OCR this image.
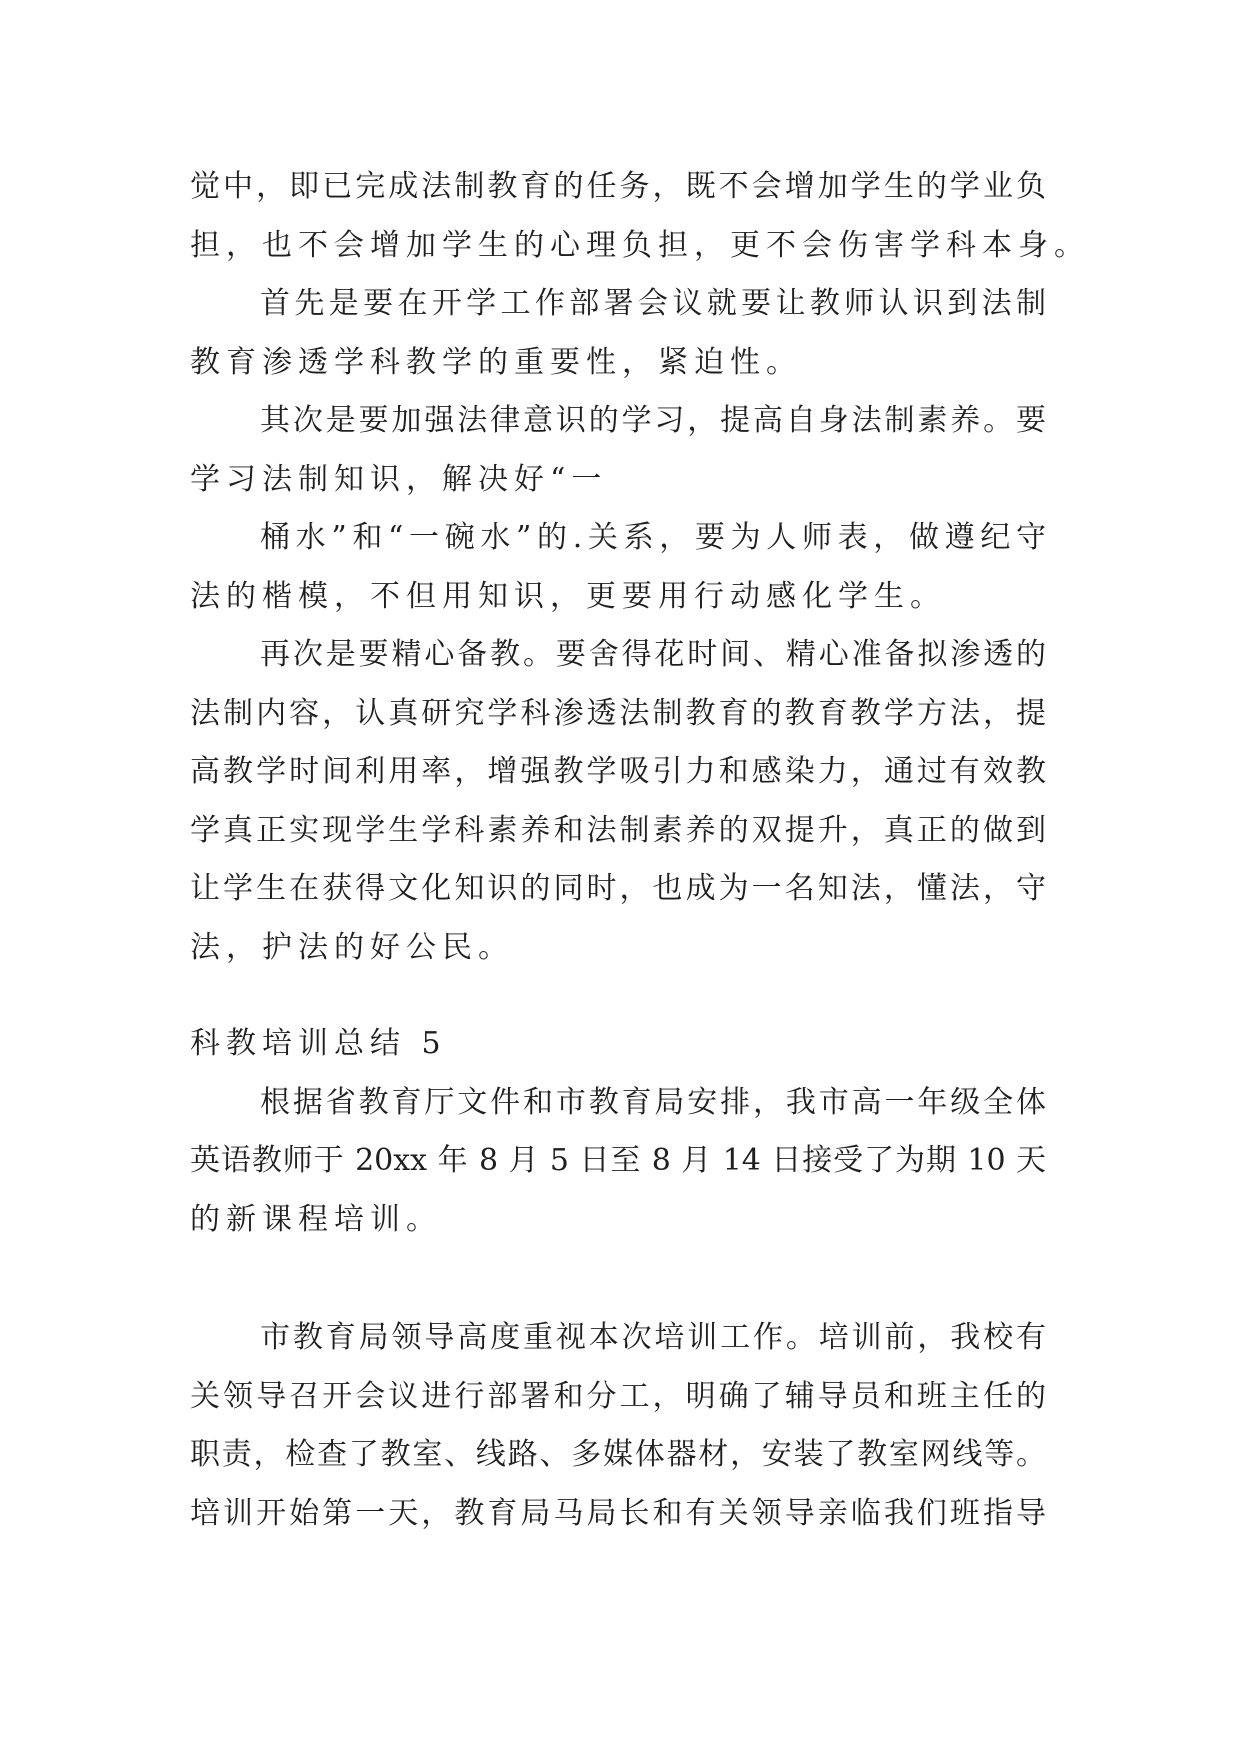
觉中，即已完成法制教育的任务，既不会增加学生的学业负
担，也不会增加学生的心理负担，更不会伤害学科本身。
首先是要在开学工作部署会议就要让教师认识到法制
教育渗透学科教学的重要性，紧迫性。
其次是要加强法律意识的学习，提高自身法制素养。要
学习法制知识，解决好“一
桶水”和“一碗水”的.关系，要为人师表，做遵纪守
法的楷模，不但用知识，更要用行动感化学生。
再次是要精心备教。要舍得花时间、精心准备拟渗透的
法制内容，认真研究学科渗透法制教育的教育教学方法，提
高教学时间利用率，增强教学吸引力和感染力，通过有效教
学真正实现学生学科素养和法制素养的双提升，真正的做到
让学生在获得文化知识的同时，也成为一名知法，懂法，守
法，护法的好公民。
科教培训总结 5
根据省教育厅文件和市教育局安排，我市高一年级全体
英语教师于 20xx 年 8 月 5 日至 8 月 14 日接受了为期 10 天
的新课程培训。
市教育局领导高度重视本次培训工作。培训前，我校有
关领导召开会议进行部署和分工，明确了辅导员和班主任的
职责，检查了教室、线路、多媒体器材，安装了教室网线等。
培训开始第一天，教育局马局长和有关领导亲临我们班指导
